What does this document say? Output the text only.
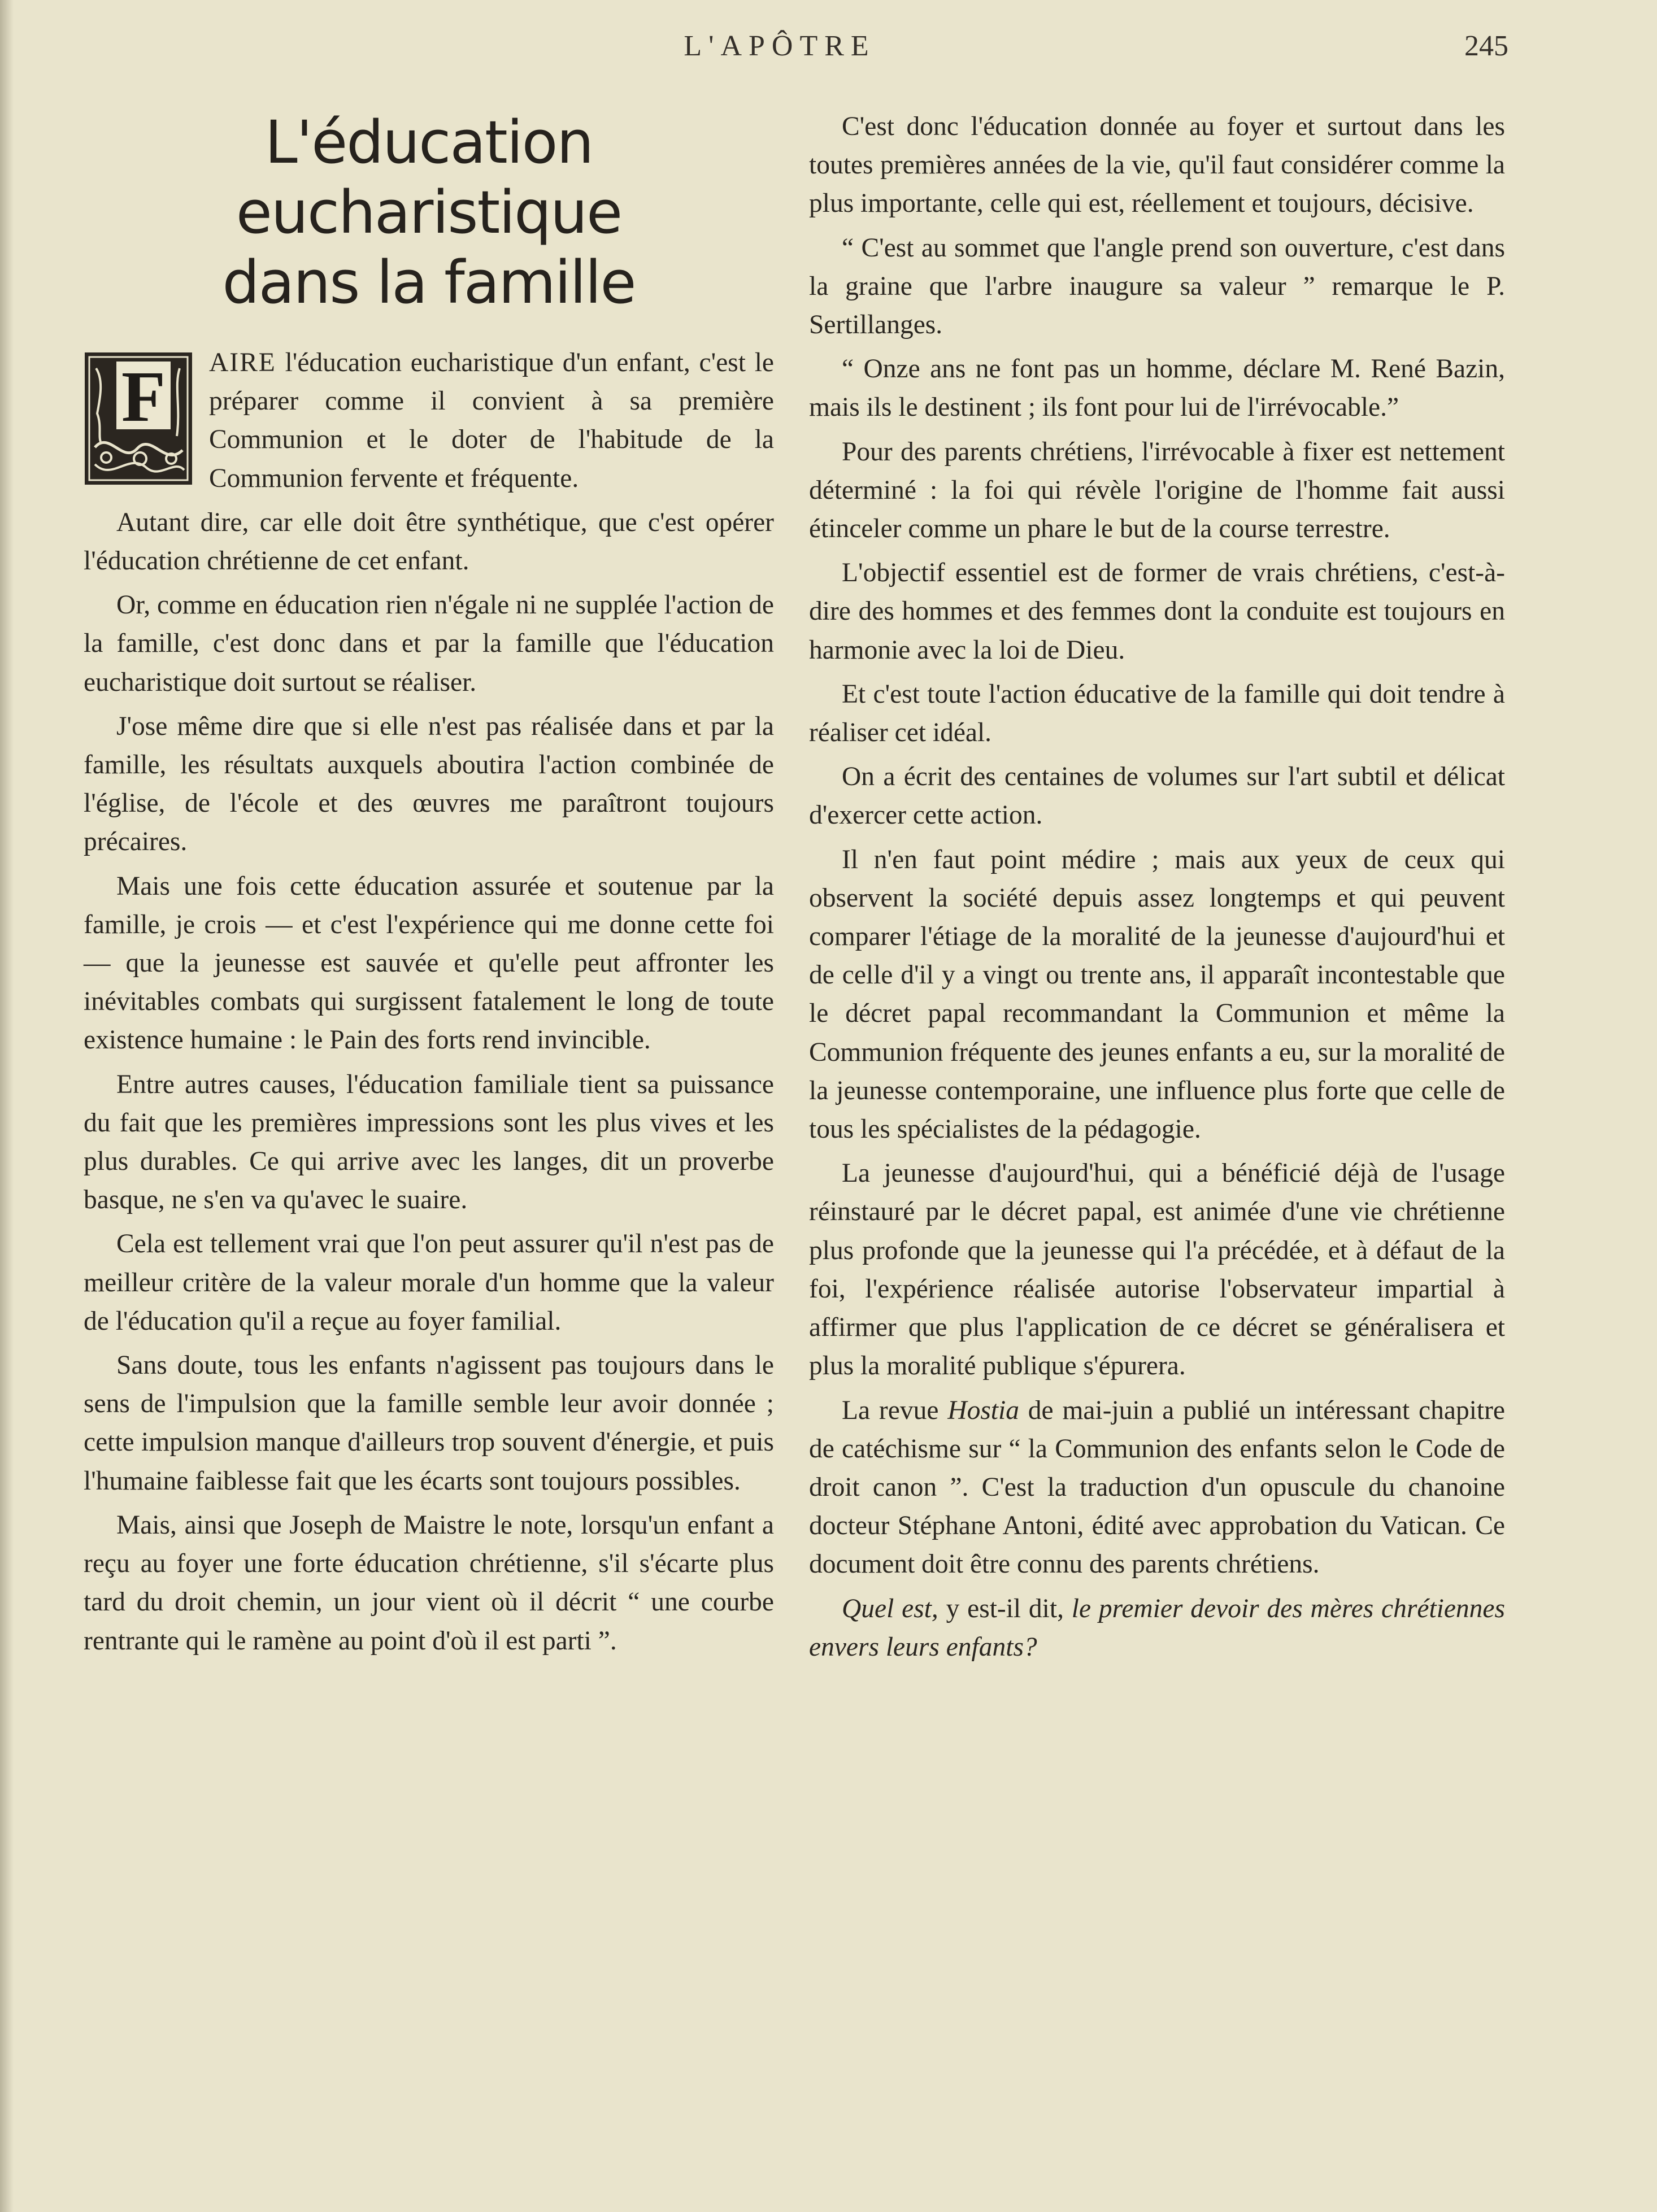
L'APÔTRE	245
L'éducation eucharistique
dans la famille

F AIRE l'éducation eucharistique d'un enfant, c'est le préparer comme il convient à sa première Communion et le doter de l'habitude de la Communion fervente et fréquente.

Autant dire, car elle doit être synthétique, que c'est opérer l'éducation chrétienne de cet enfant.

Or, comme en éducation rien n'égale ni ne supplée l'action de la famille, c'est donc dans et par la famille que l'éducation eucharistique doit surtout se réaliser.

J'ose même dire que si elle n'est pas réalisée dans et par la famille, les résultats auxquels aboutira l'action combinée de l'église, de l'école et des œuvres me paraîtront toujours précaires.

Mais une fois cette éducation assurée et soutenue par la famille, je crois — et c'est l'expérience qui me donne cette foi — que la jeunesse est sauvée et qu'elle peut affronter les inévitables combats qui surgissent fatalement le long de toute existence humaine : le Pain des forts rend invincible.

Entre autres causes, l'éducation familiale tient sa puissance du fait que les premières impressions sont les plus vives et les plus durables. Ce qui arrive avec les langes, dit un proverbe basque, ne s'en va qu'avec le suaire.

Cela est tellement vrai que l'on peut assurer qu'il n'est pas de meilleur critère de la valeur morale d'un homme que la valeur de l'éducation qu'il a reçue au foyer familial.

Sans doute, tous les enfants n'agissent pas toujours dans le sens de l'impulsion que la famille semble leur avoir donnée ; cette impulsion manque d'ailleurs trop souvent d'énergie, et puis l'humaine faiblesse fait que les écarts sont toujours possibles.

Mais, ainsi que Joseph de Maistre le note, lorsqu'un enfant a reçu au foyer une forte éducation chrétienne, s'il s'écarte plus tard du droit chemin, un jour vient où il décrit “ une courbe rentrante qui le ramène au point d'où il est parti ”.

C'est donc l'éducation donnée au foyer et surtout dans les toutes premières années de la vie, qu'il faut considérer comme la plus importante, celle qui est, réellement et toujours, décisive.

“ C'est au sommet que l'angle prend son ouverture, c'est dans la graine que l'arbre inaugure sa valeur ” remarque le P. Sertillanges.

“ Onze ans ne font pas un homme, déclare M. René Bazin, mais ils le destinent ; ils font pour lui de l'irrévocable.”

Pour des parents chrétiens, l'irrévocable à fixer est nettement déterminé : la foi qui révèle l'origine de l'homme fait aussi étinceler comme un phare le but de la course terrestre.

L'objectif essentiel est de former de vrais chrétiens, c'est-à-dire des hommes et des femmes dont la conduite est toujours en harmonie avec la loi de Dieu.

Et c'est toute l'action éducative de la famille qui doit tendre à réaliser cet idéal.

On a écrit des centaines de volumes sur l'art subtil et délicat d'exercer cette action.

Il n'en faut point médire ; mais aux yeux de ceux qui observent la société depuis assez longtemps et qui peuvent comparer l'étiage de la moralité de la jeunesse d'aujourd'hui et de celle d'il y a vingt ou trente ans, il apparaît incontestable que le décret papal recommandant la Communion et même la Communion fréquente des jeunes enfants a eu, sur la moralité de la jeunesse contemporaine, une influence plus forte que celle de tous les spécialistes de la pédagogie.

La jeunesse d'aujourd'hui, qui a bénéficié déjà de l'usage réinstauré par le décret papal, est animée d'une vie chrétienne plus profonde que la jeunesse qui l'a précédée, et à défaut de la foi, l'expérience réalisée autorise l'observateur impartial à affirmer que plus l'application de ce décret se généralisera et plus la moralité publique s'épurera.

La revue Hostia de mai-juin a publié un intéressant chapitre de catéchisme sur “ la Communion des enfants selon le Code de droit canon ”. C'est la traduction d'un opuscule du chanoine docteur Stéphane Antoni, édité avec approbation du Vatican. Ce document doit être connu des parents chrétiens.

Quel est, y est-il dit, le premier devoir des mères chrétiennes envers leurs enfants?
